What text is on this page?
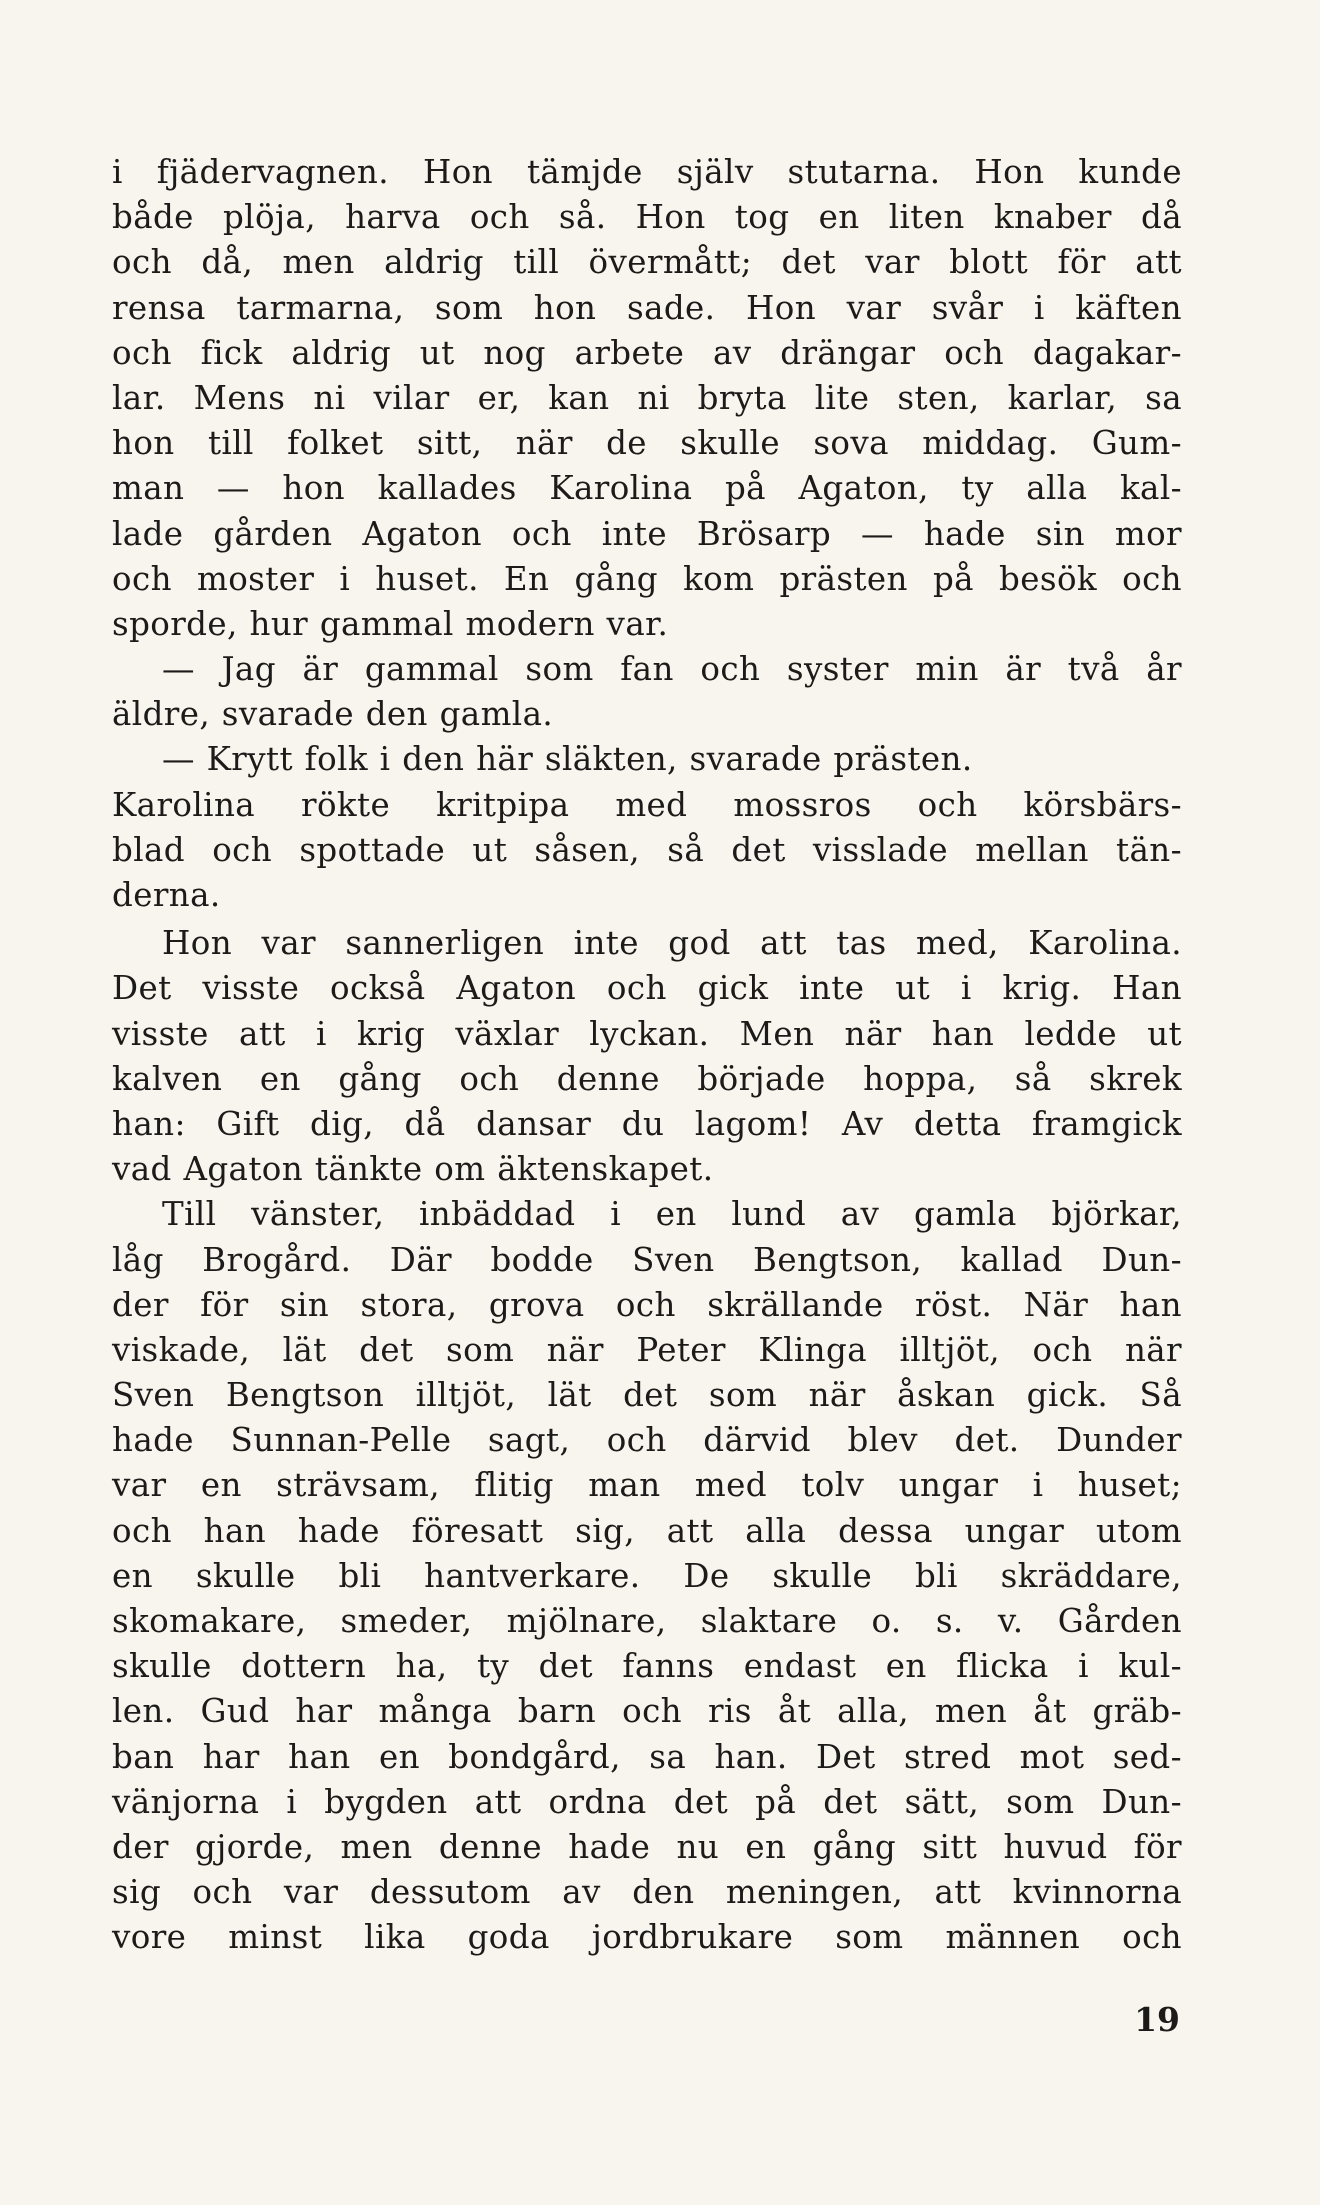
i fjädervagnen. Hon tämjde själv stutarna. Hon kunde
både plöja, harva och så. Hon tog en liten knaber då
och då, men aldrig till övermått; det var blott för att
rensa tarmarna, som hon sade. Hon var svår i käften
och fick aldrig ut nog arbete av drängar och dagakar-
lar. Mens ni vilar er, kan ni bryta lite sten, karlar, sa
hon till folket sitt, när de skulle sova middag. Gum-
man — hon kallades Karolina på Agaton, ty alla kal-
lade gården Agaton och inte Brösarp — hade sin mor
och moster i huset. En gång kom prästen på besök och
sporde, hur gammal modern var.
— Jag är gammal som fan och syster min är två år
äldre, svarade den gamla.
— Krytt folk i den här släkten, svarade prästen.
Karolina rökte kritpipa med mossros och körsbärs-
blad och spottade ut såsen, så det visslade mellan tän-
derna.
Hon var sannerligen inte god att tas med, Karolina.
Det visste också Agaton och gick inte ut i krig. Han
visste att i krig växlar lyckan. Men när han ledde ut
kalven en gång och denne började hoppa, så skrek
han: Gift dig, då dansar du lagom! Av detta framgick
vad Agaton tänkte om äktenskapet.
Till vänster, inbäddad i en lund av gamla björkar,
låg Brogård. Där bodde Sven Bengtson, kallad Dun-
der för sin stora, grova och skrällande röst. När han
viskade, lät det som när Peter Klinga illtjöt, och när
Sven Bengtson illtjöt, lät det som när åskan gick. Så
hade Sunnan-Pelle sagt, och därvid blev det. Dunder
var en strävsam, flitig man med tolv ungar i huset;
och han hade föresatt sig, att alla dessa ungar utom
en skulle bli hantverkare. De skulle bli skräddare,
skomakare, smeder, mjölnare, slaktare o. s. v. Gården
skulle dottern ha, ty det fanns endast en flicka i kul-
len. Gud har många barn och ris åt alla, men åt gräb-
ban har han en bondgård, sa han. Det stred mot sed-
vänjorna i bygden att ordna det på det sätt, som Dun-
der gjorde, men denne hade nu en gång sitt huvud för
sig och var dessutom av den meningen, att kvinnorna
vore minst lika goda jordbrukare som männen och
19
